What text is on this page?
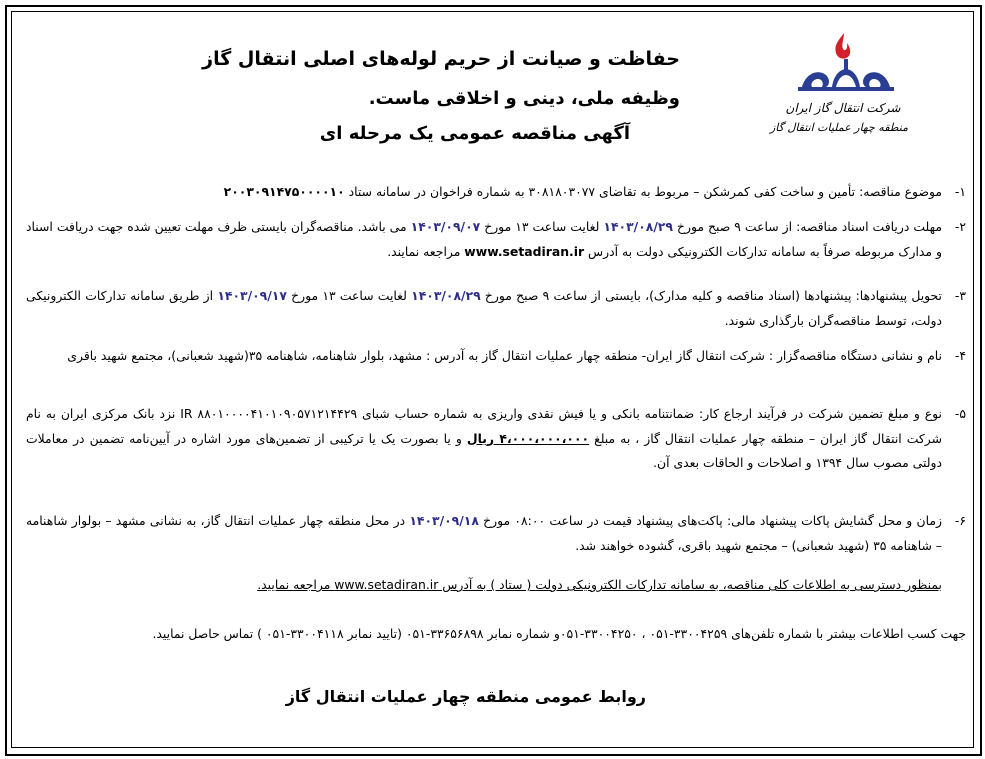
شرکت انتقال گاز ایران
منطقه چهار عملیات انتقال گاز
حفاظت و صیانت از حریم لوله‌های اصلی انتقال گاز
وظیفه ملی، دینی و اخلاقی ماست.
آگهی مناقصه عمومی یک مرحله ای
۱-
موضوع مناقصه: تأمین و ساخت کفی کمرشکن – مربوط به تقاضای ۳۰۸۱۸۰۳۰۷۷ به شماره فراخوان در سامانه ستاد ۲۰۰۳۰۹۱۴۷۵۰۰۰۰۱۰
۲-
مهلت دریافت اسناد مناقصه: از ساعت ۹ صبح مورخ ۱۴۰۳/۰۸/۲۹ لغایت ساعت ۱۳ مورخ ۱۴۰۳/۰۹/۰۷ می باشد. مناقصه‌گران بایستی ظرف مهلت تعیین شده جهت دریافت اسناد و مدارک مربوطه صرفاً به سامانه تدارکات الکترونیکی دولت به آدرس www.setadiran.ir مراجعه نمایند.
۳-
تحویل پیشنهادها: پیشنهادها (اسناد مناقصه و کلیه مدارک)، بایستی از ساعت ۹ صبح مورخ ۱۴۰۳/۰۸/۲۹ لغایت ساعت ۱۳ مورخ ۱۴۰۳/۰۹/۱۷ از طریق سامانه تدارکات الکترونیکی دولت، توسط مناقصه‌گران بارگذاری شوند.
۴-
نام و نشانی دستگاه مناقصه‌گزار : شرکت انتقال گاز ایران- منطقه چهار عملیات انتقال گاز به آدرس : مشهد، بلوار شاهنامه، شاهنامه ۳۵(شهید شعبانی)، مجتمع شهید باقری
۵-
نوع و مبلغ تضمین شرکت در فرآیند ارجاع کار: ضمانتنامه بانکی و یا فیش نقدی واریزی به شماره حساب شبای IR ۸۸۰۱۰۰۰۰۴۱۰۱۰۹۰۵۷۱۲۱۴۴۲۹ نزد بانک مرکزی ایران به نام شرکت انتقال گاز ایران – منطقه چهار عملیات انتقال گاز ، به مبلغ ۴،۰۰۰،۰۰۰،۰۰۰ ریال و یا بصورت یک یا ترکیبی از تضمین‌های مورد اشاره در آیین‌نامه تضمین در معاملات دولتی مصوب سال ۱۳۹۴ و اصلاحات و الحاقات بعدی آن.
۶-
زمان و محل گشایش پاکات پیشنهاد مالی: پاکت‌های پیشنهاد قیمت در ساعت ۰۸:۰۰ مورخ ۱۴۰۳/۰۹/۱۸ در محل منطقه چهار عملیات انتقال گاز، به نشانی مشهد – بولوار شاهنامه – شاهنامه ۳۵ (شهید شعبانی) – مجتمع شهید باقری، گشوده خواهند شد.
بمنظور دسترسی به اطلاعات کلی مناقصه، به سامانه تدارکات الکترونیکی دولت ( ستاد ) به آدرس www.setadiran.ir مراجعه نمایید.
جهت کسب اطلاعات بیشتر با شماره تلفن‌های ۳۳۰۰۴۲۵۹-۰۵۱ ، ۳۳۰۰۴۲۵۰-۰۵۱و شماره نمابر ۳۳۶۵۶۸۹۸-۰۵۱ (تایید نمابر ۳۳۰۰۴۱۱۸-۰۵۱ ) تماس حاصل نمایید.
روابط عمومی منطقه چهار عملیات انتقال گاز
